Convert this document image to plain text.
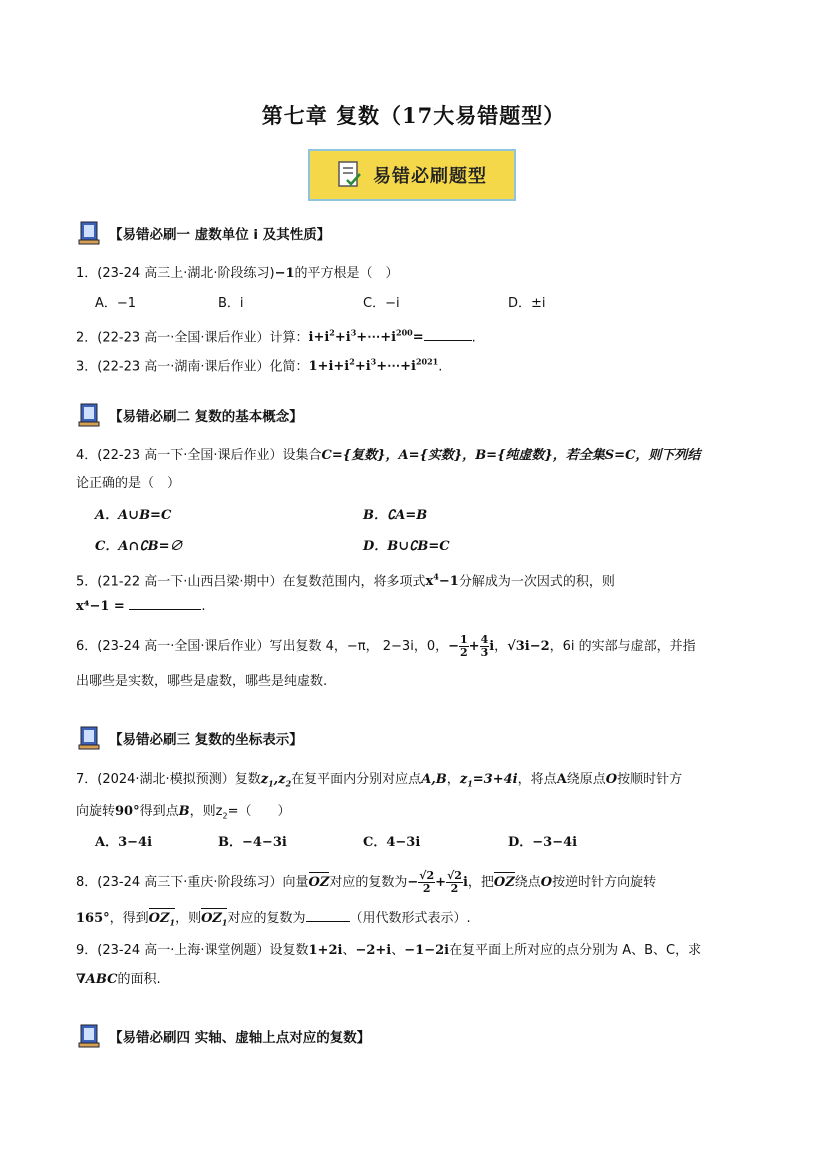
第七章 复数（17大易错题型）
易错必刷题型
【易错必刷一 虚数单位 i 及其性质】
1．(23-24 高三上·湖北·阶段练习)−1的平方根是（　）
A．−1	B．i	C．−i	D．±i
2．(22-23 高一·全国·课后作业）计算：$i+i^2+i^3+\cdots+i^{200}=$	.
3．(22-23 高一·湖南·课后作业）化简：$1+i+i^2+i^3+\cdots+i^{2021}$.
【易错必刷二 复数的基本概念】
4．(22-23 高一下·全国·课后作业）设集合C={复数}，A={实数}，B={纯虚数}，若全集S=C，则下列结
论正确的是（　）
A．A∪B=C	B．∁A=B
C．A∩∁B=∅	D．B∪∁B=C
5．(21-22 高一下·山西吕梁·期中）在复数范围内，将多项式$x^4-1$分解成为一次因式的积，则
x⁴−1 =	.
6．(23-24 高一·全国·课后作业）写出复数 4，−π， 2−3i，0，− $\frac{1}{2} + \frac{4}{3}$ i，√3i−2，6i 的实部与虚部，并指
出哪些是实数，哪些是虚数，哪些是纯虚数.
【易错必刷三 复数的坐标表示】
7．(2024·湖北·模拟预测）复数$z_1,z_2$在复平面内分别对应点A,B，$z_1=3+4i$，将点A绕原点O按顺时针方
向旋转90°得到点B，则$z_2=$（　　）
A．3−4i	B．−4−3i	C．4−3i	D．−3−4i
8．(23-24 高三下·重庆·阶段练习）向量OZ对应的复数为− $\frac{√2}{2} + \frac{√2}{2}$ i，把OZ绕点O按逆时针方向旋转
165°，得到$OZ_1$，则$OZ_1$对应的复数为	（用代数形式表示）.
9．(23-24 高一·上海·课堂例题）设复数1+2i、−2+i、−1−2i在复平面上所对应的点分别为 A、B、C，求
∇ABC的面积.
【易错必刷四 实轴、虚轴上点对应的复数】
